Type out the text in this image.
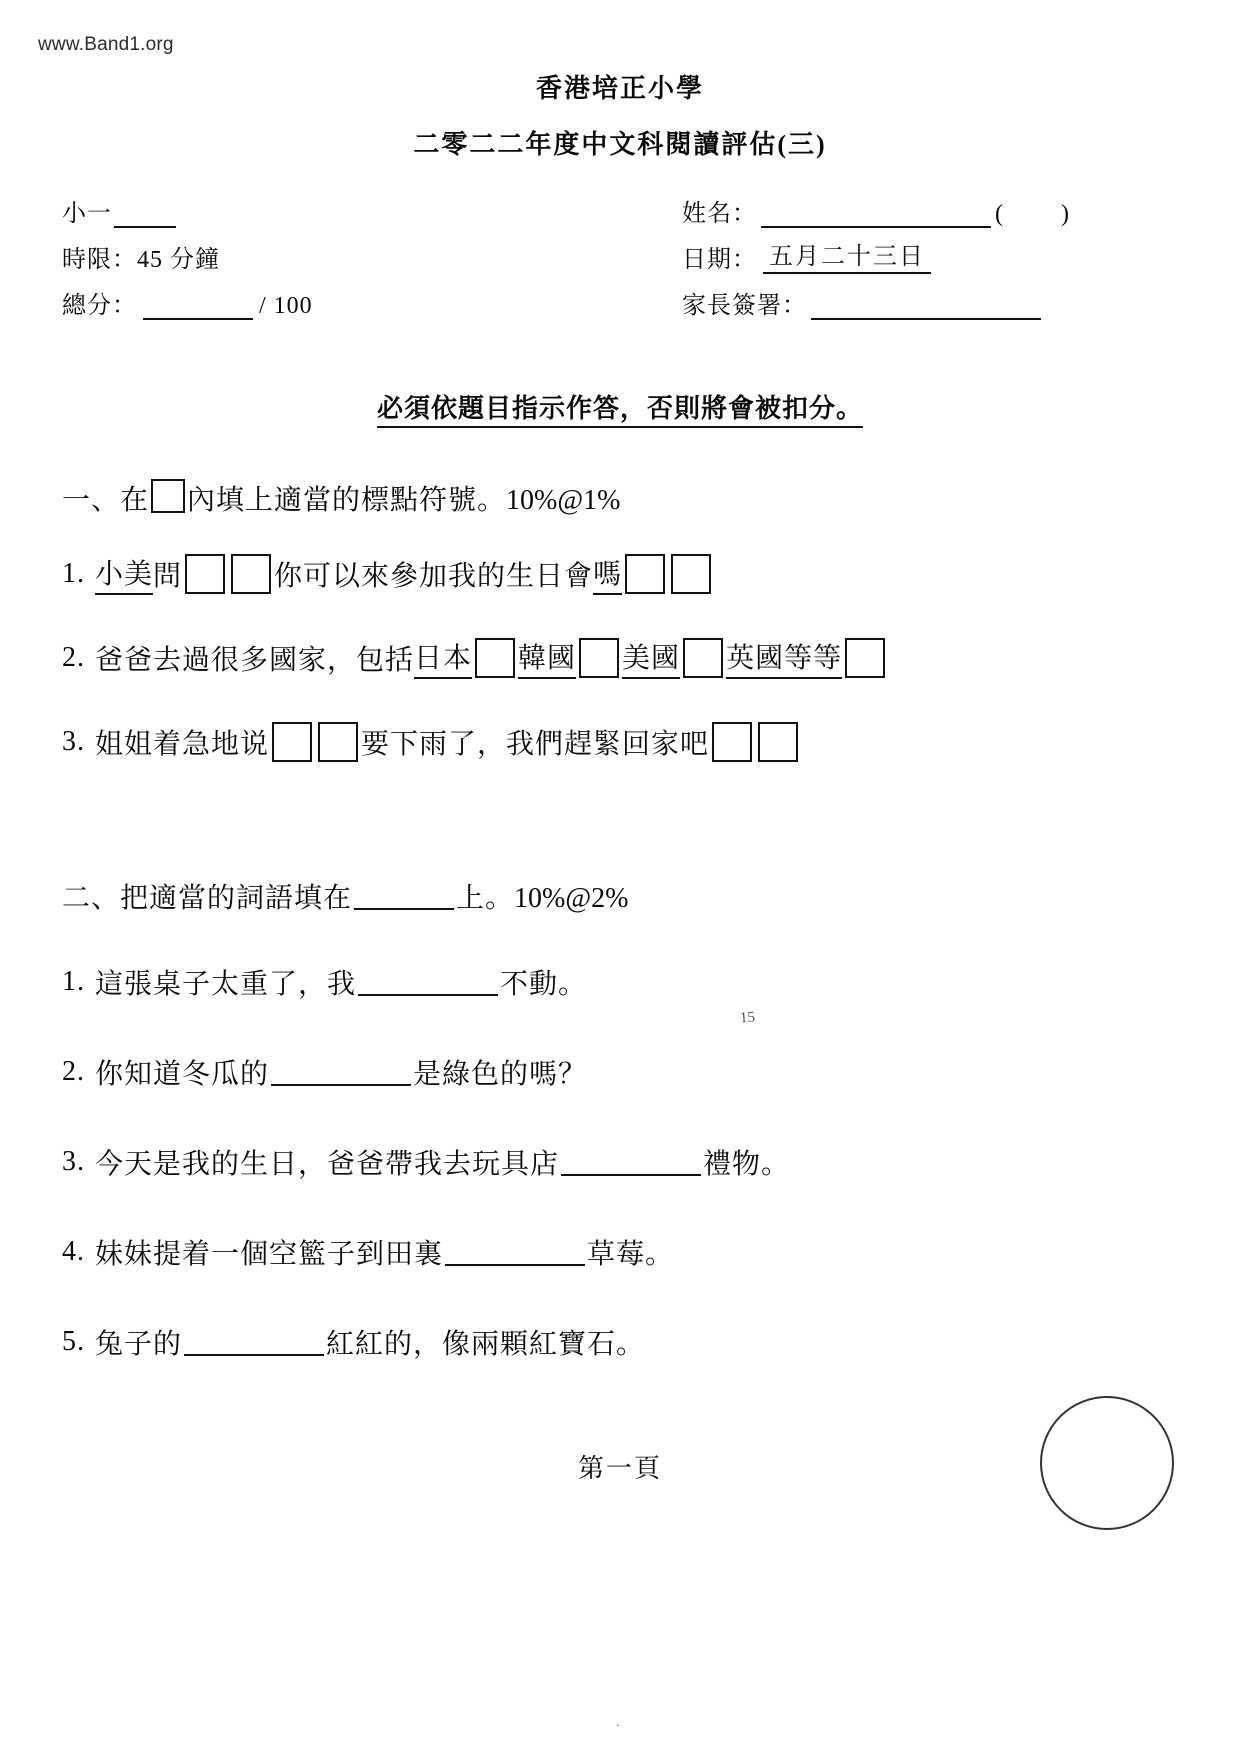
www.Band1.org
香港培正小學
二零二二年度中文科閱讀評估(三)
小一	姓名：	( )
時限：45 分鐘	日期： 五月二十三日
總分：	/ 100	家長簽署：
必須依題目指示作答，否則將會被扣分。
一、在 內填上適當的標點符號。10%@1%
1. 小美 問	你可以來參加我的生日會 嗎
2. 爸爸去過很多國家，包括 日本 韓國 美國 英國 等等
3. 姐姐着急地说	要下雨了，我們趕緊回家吧
二、把適當的詞語填在	上。10%@2%
1. 這張桌子太重了，我	不動。
2. 你知道冬瓜的	是綠色的嗎？
3. 今天是我的生日，爸爸帶我去玩具店	禮物。
4. 妹妹提着一個空籃子到田裏	草莓。
5. 兔子的	紅紅的，像兩顆紅寶石。
15
第一頁
.
